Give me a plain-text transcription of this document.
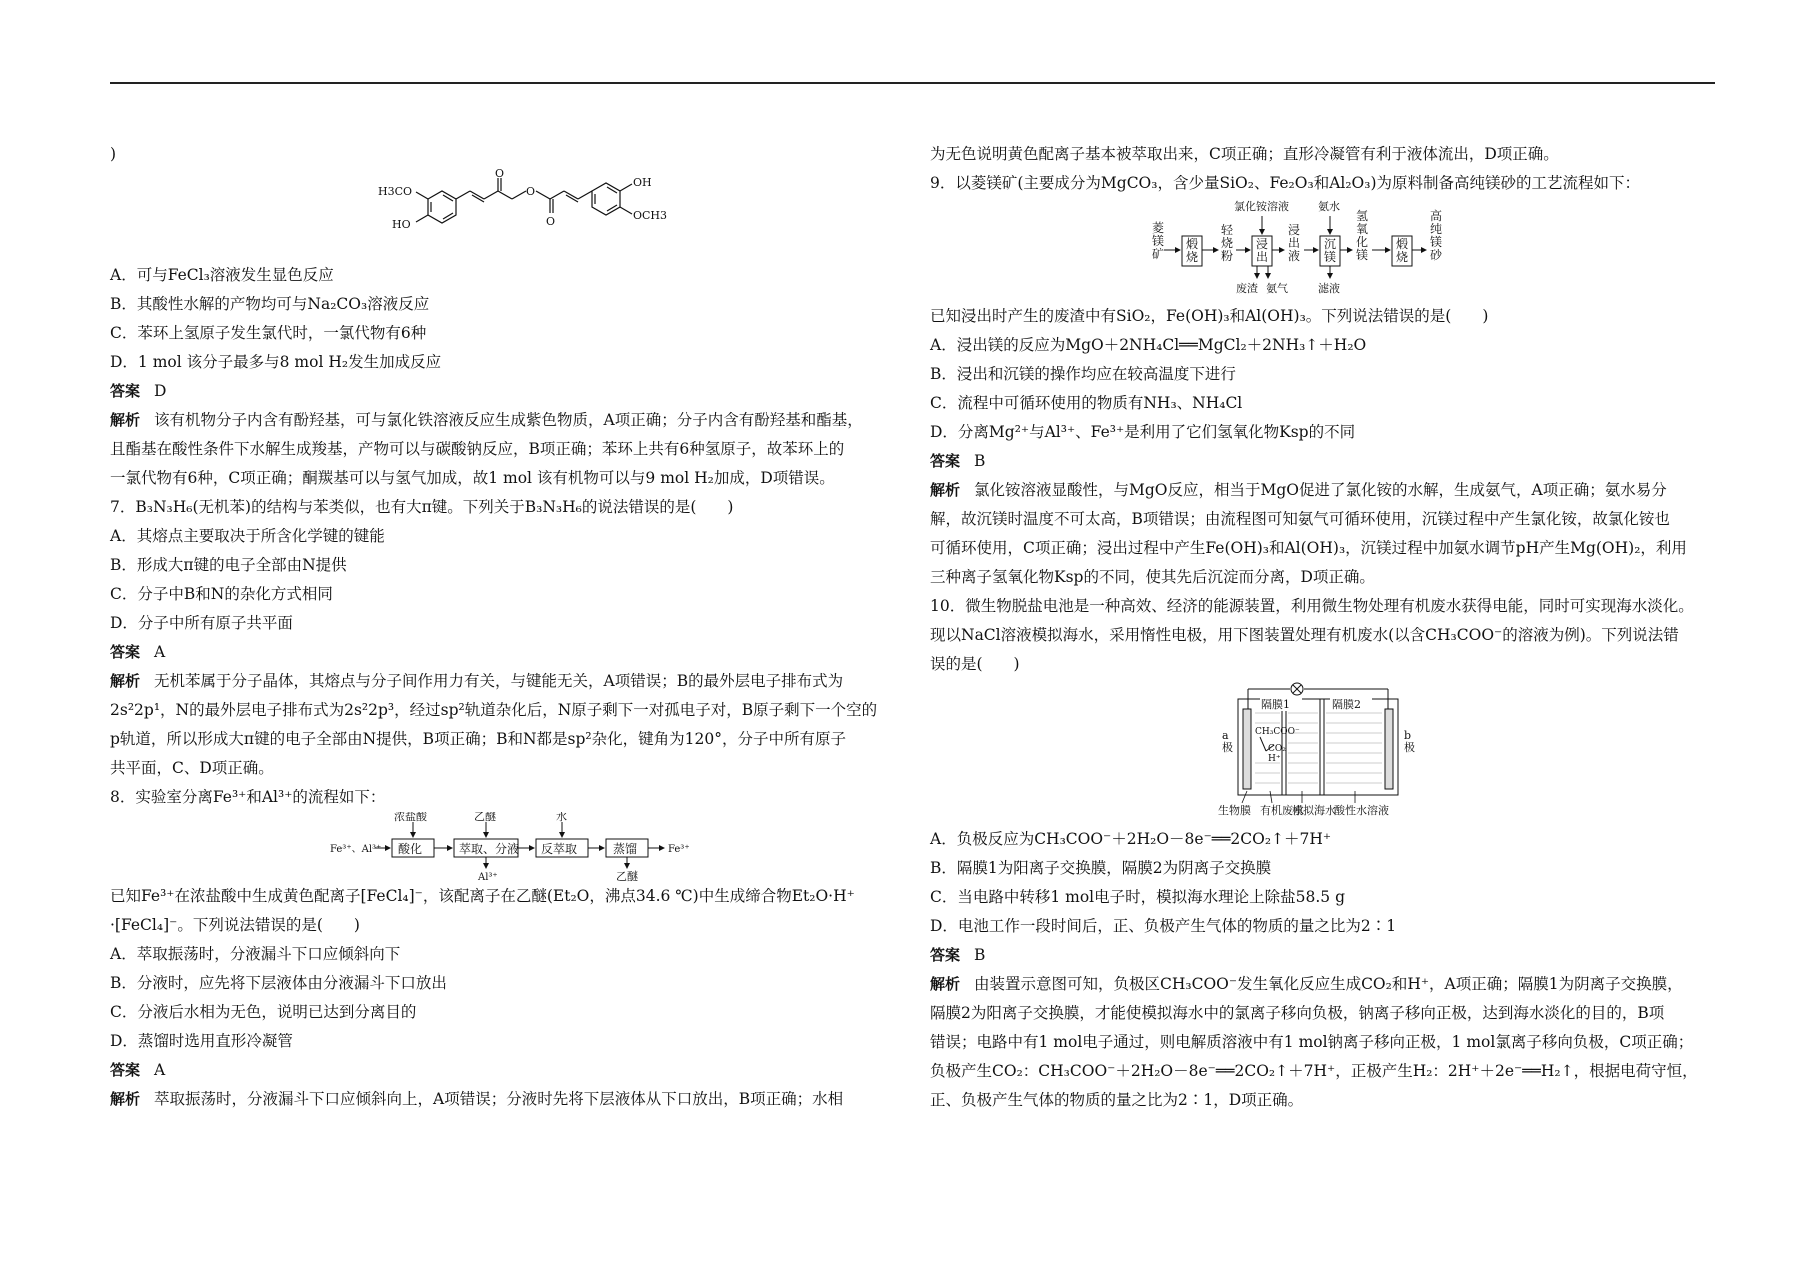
)
H3CO
HO
O
O
O
OH
OCH3
A．可与FeCl₃溶液发生显色反应
B．其酸性水解的产物均可与Na₂CO₃溶液反应
C．苯环上氢原子发生氯代时，一氯代物有6种
D．1 mol 该分子最多与8 mol H₂发生加成反应
答案 D
解析 该有机物分子内含有酚羟基，可与氯化铁溶液反应生成紫色物质，A项正确；分子内含有酚羟基和酯基，
且酯基在酸性条件下水解生成羧基，产物可以与碳酸钠反应，B项正确；苯环上共有6种氢原子，故苯环上的
一氯代物有6种，C项正确；酮羰基可以与氢气加成，故1 mol 该有机物可以与9 mol H₂加成，D项错误。
7．B₃N₃H₆(无机苯)的结构与苯类似，也有大π键。下列关于B₃N₃H₆的说法错误的是(　　)
A．其熔点主要取决于所含化学键的键能
B．形成大π键的电子全部由N提供
C．分子中B和N的杂化方式相同
D．分子中所有原子共平面
答案 A
解析 无机苯属于分子晶体，其熔点与分子间作用力有关，与键能无关，A项错误；B的最外层电子排布式为
2s²2p¹，N的最外层电子排布式为2s²2p³，经过sp²轨道杂化后，N原子剩下一对孤电子对，B原子剩下一个空的
p轨道，所以形成大π键的电子全部由N提供，B项正确；B和N都是sp²杂化，键角为120°，分子中所有原子
共平面，C、D项正确。
8．实验室分离Fe³⁺和Al³⁺的流程如下：
Fe³⁺、Al³⁺ 酸化	萃取、分液 反萃取	蒸馏
浓盐酸	乙醚	水
Al³⁺	乙醚
Fe³⁺
已知Fe³⁺在浓盐酸中生成黄色配离子[FeCl₄]⁻，该配离子在乙醚(Et₂O，沸点34.6 ℃)中生成缔合物Et₂O·H⁺
·[FeCl₄]⁻。下列说法错误的是(　　)
A．萃取振荡时，分液漏斗下口应倾斜向下
B．分液时，应先将下层液体由分液漏斗下口放出
C．分液后水相为无色，说明已达到分离目的
D．蒸馏时选用直形冷凝管
答案 A
解析 萃取振荡时，分液漏斗下口应倾斜向上，A项错误；分液时先将下层液体从下口放出，B项正确；水相
为无色说明黄色配离子基本被萃取出来，C项正确；直形冷凝管有利于液体流出，D项正确。
9．以菱镁矿(主要成分为MgCO₃，含少量SiO₂、Fe₂O₃和Al₂O₃)为原料制备高纯镁砂的工艺流程如下：
菱镁矿
煅烧
轻烧粉
浸出
浸出液
沉镁
氢氧化镁
煅烧
高纯镁砂
氯化铵溶液	氨水
废渣 氨气	滤液
已知浸出时产生的废渣中有SiO₂，Fe(OH)₃和Al(OH)₃。下列说法错误的是(　　)
A．浸出镁的反应为MgO＋2NH₄Cl══MgCl₂＋2NH₃↑＋H₂O
B．浸出和沉镁的操作均应在较高温度下进行
C．流程中可循环使用的物质有NH₃、NH₄Cl
D．分离Mg²⁺与Al³⁺、Fe³⁺是利用了它们氢氧化物Ksp的不同
答案 B
解析 氯化铵溶液显酸性，与MgO反应，相当于MgO促进了氯化铵的水解，生成氨气，A项正确；氨水易分
解，故沉镁时温度不可太高，B项错误；由流程图可知氨气可循环使用，沉镁过程中产生氯化铵，故氯化铵也
可循环使用，C项正确；浸出过程中产生Fe(OH)₃和Al(OH)₃，沉镁过程中加氨水调节pH产生Mg(OH)₂，利用
三种离子氢氧化物Ksp的不同，使其先后沉淀而分离，D项正确。
10．微生物脱盐电池是一种高效、经济的能源装置，利用微生物处理有机废水获得电能，同时可实现海水淡化。
现以NaCl溶液模拟海水，采用惰性电极，用下图装置处理有机废水(以含CH₃COO⁻的溶液为例)。下列说法错
误的是(　　)
隔膜1	隔膜2
a 极
b 极
CH₃COO⁻
CO₂
H⁺
生物膜 有机废水
模拟海水
酸性水溶液
A．负极反应为CH₃COO⁻＋2H₂O－8e⁻══2CO₂↑＋7H⁺
B．隔膜1为阳离子交换膜，隔膜2为阴离子交换膜
C．当电路中转移1 mol电子时，模拟海水理论上除盐58.5 g
D．电池工作一段时间后，正、负极产生气体的物质的量之比为2∶1
答案 B
解析 由装置示意图可知，负极区CH₃COO⁻发生氧化反应生成CO₂和H⁺，A项正确；隔膜1为阴离子交换膜，
隔膜2为阳离子交换膜，才能使模拟海水中的氯离子移向负极，钠离子移向正极，达到海水淡化的目的，B项
错误；电路中有1 mol电子通过，则电解质溶液中有1 mol钠离子移向正极，1 mol氯离子移向负极，C项正确；
负极产生CO₂：CH₃COO⁻＋2H₂O－8e⁻══2CO₂↑＋7H⁺，正极产生H₂：2H⁺＋2e⁻══H₂↑，根据电荷守恒，
正、负极产生气体的物质的量之比为2∶1，D项正确。
